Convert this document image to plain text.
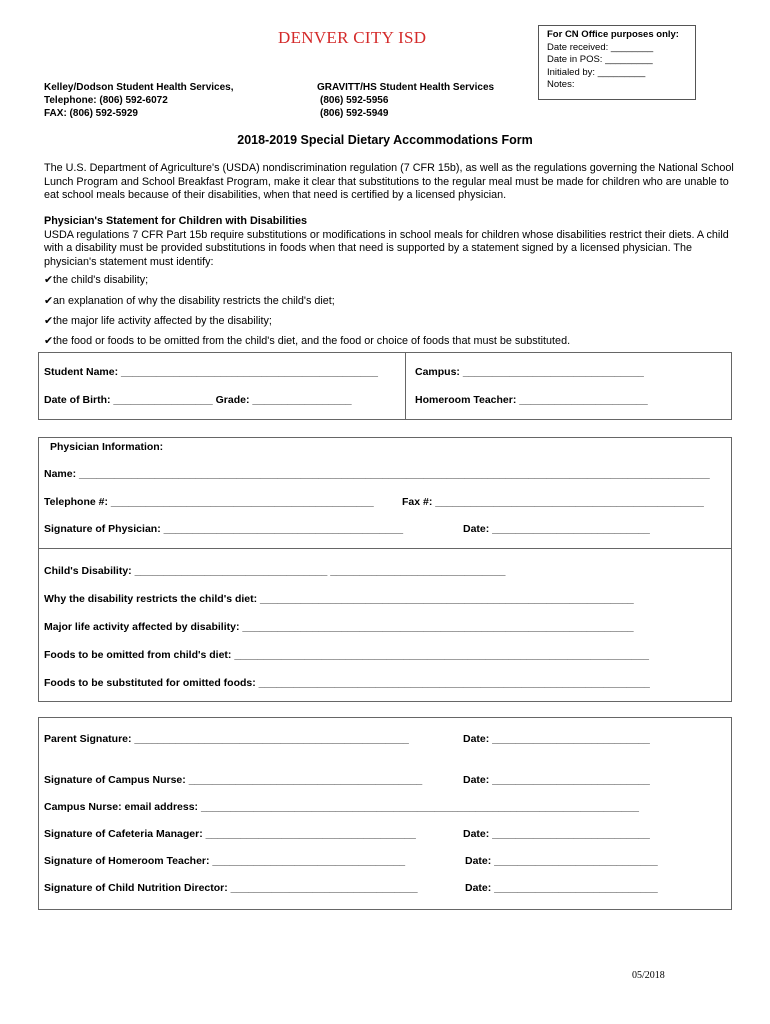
DENVER CITY ISD
Kelley/Dodson Student Health Services,
Telephone: (806) 592-6072
FAX: (806) 592-5929
GRAVITT/HS Student Health Services
(806) 592-5956
(806) 592-5949
For CN Office purposes only:
Date received: ________
Date in POS: _________
Initialed by: _________
Notes:
2018-2019 Special Dietary Accommodations Form
The U.S. Department of Agriculture's (USDA) nondiscrimination regulation (7 CFR 15b), as well as the regulations governing the National School Lunch Program and School Breakfast Program, make it clear that substitutions to the regular meal must be made for children who are unable to eat school meals because of their disabilities, when that need is certified by a licensed physician.
Physician's Statement for Children with Disabilities
USDA regulations 7 CFR Part 15b require substitutions or modifications in school meals for children whose disabilities restrict their diets. A child with a disability must be provided substitutions in foods when that need is supported by a statement signed by a licensed physician. The physician's statement must identify:
✔the child's disability;
✔an explanation of why the disability restricts the child's diet;
✔the major life activity affected by the disability;
✔the food or foods to be omitted from the child's diet, and the food or choice of foods that must be substituted.
Student Name: ____________________________________________	Campus: _______________________________
Date of Birth: _________________ Grade: _________________	Homeroom Teacher: ______________________
Physician Information:
Name: ____________________________________________________________________________________________________________
Telephone #: _____________________________________________	Fax #: ______________________________________________
Signature of Physician: _________________________________________	Date: ___________________________
Child's Disability: _________________________________ ______________________________
Why the disability restricts the child's diet: ________________________________________________________________
Major life activity affected by disability: ___________________________________________________________________
Foods to be omitted from child's diet: _______________________________________________________________________
Foods to be substituted for omitted foods: ___________________________________________________________________
Parent Signature: _______________________________________________	Date: ___________________________
Signature of Campus Nurse: ________________________________________	Date: ___________________________
Campus Nurse: email address: ___________________________________________________________________________
Signature of Cafeteria Manager: ____________________________________	Date: ___________________________
Signature of Homeroom Teacher: _________________________________	Date: ____________________________
Signature of Child Nutrition Director: ________________________________	Date: ____________________________
05/2018
